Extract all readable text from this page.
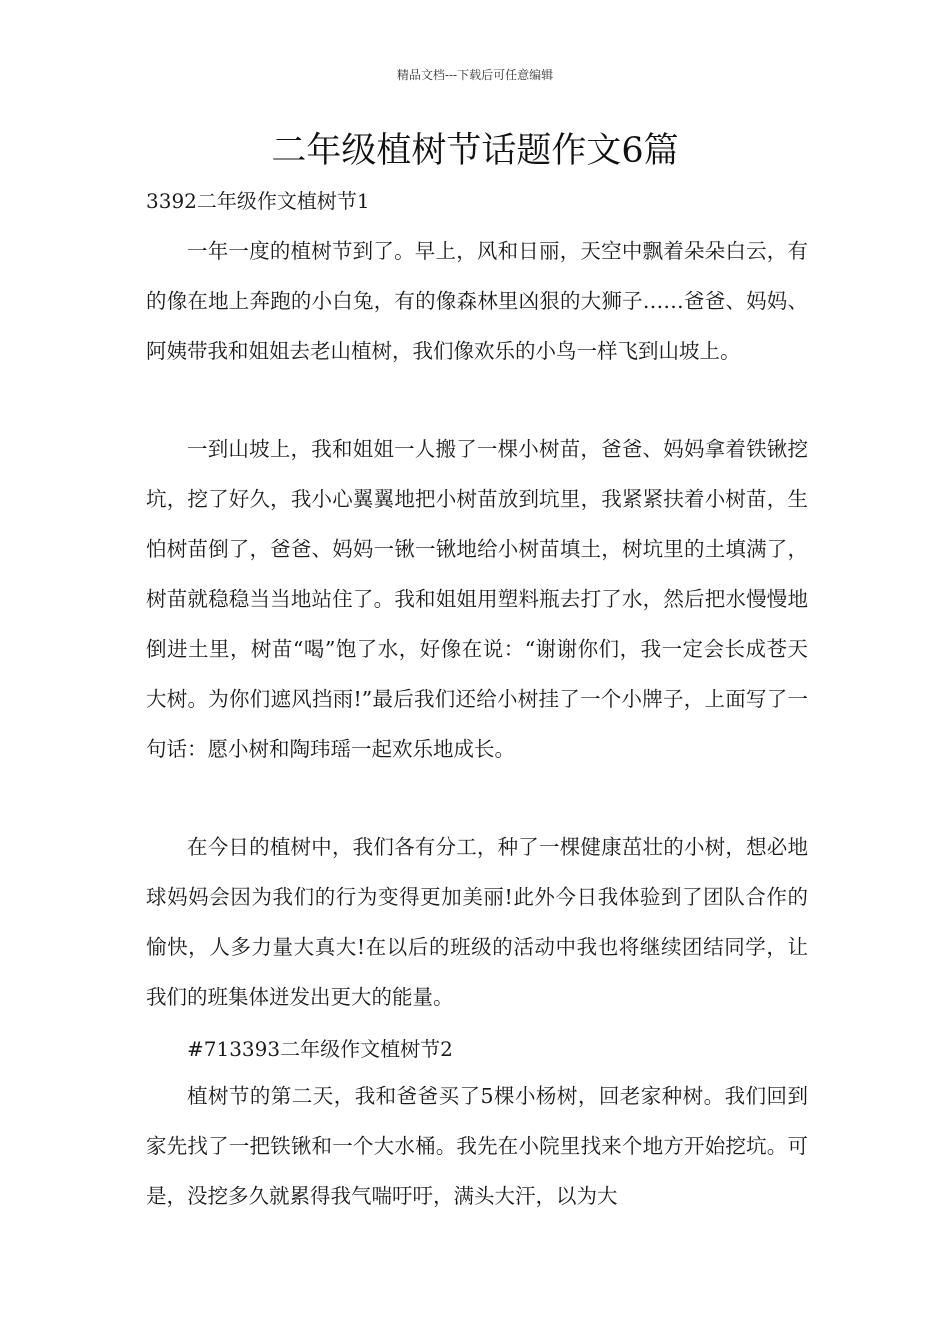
精品文档---下载后可任意编辑
二年级植树节话题作文6篇
3392二年级作文植树节1

一年一度的植树节到了。早上，风和日丽，天空中飘着朵朵白云，有的像在地上奔跑的小白兔，有的像森林里凶狠的大狮子……爸爸、妈妈、阿姨带我和姐姐去老山植树，我们像欢乐的小鸟一样飞到山坡上。

一到山坡上，我和姐姐一人搬了一棵小树苗，爸爸、妈妈拿着铁锹挖坑，挖了好久，我小心翼翼地把小树苗放到坑里，我紧紧扶着小树苗，生怕树苗倒了，爸爸、妈妈一锹一锹地给小树苗填土，树坑里的土填满了，树苗就稳稳当当地站住了。我和姐姐用塑料瓶去打了水，然后把水慢慢地倒进土里，树苗“喝”饱了水，好像在说：“谢谢你们，我一定会长成苍天大树。为你们遮风挡雨!”最后我们还给小树挂了一个小牌子，上面写了一句话：愿小树和陶玮瑶一起欢乐地成长。

在今日的植树中，我们各有分工，种了一棵健康茁壮的小树，想必地球妈妈会因为我们的行为变得更加美丽!此外今日我体验到了团队合作的愉快，人多力量大真大!在以后的班级的活动中我也将继续团结同学，让我们的班集体迸发出更大的能量。

#713393二年级作文植树节2

植树节的第二天，我和爸爸买了5棵小杨树，回老家种树。我们回到家先找了一把铁锹和一个大水桶。我先在小院里找来个地方开始挖坑。可是，没挖多久就累得我气喘吁吁，满头大汗，以为大
